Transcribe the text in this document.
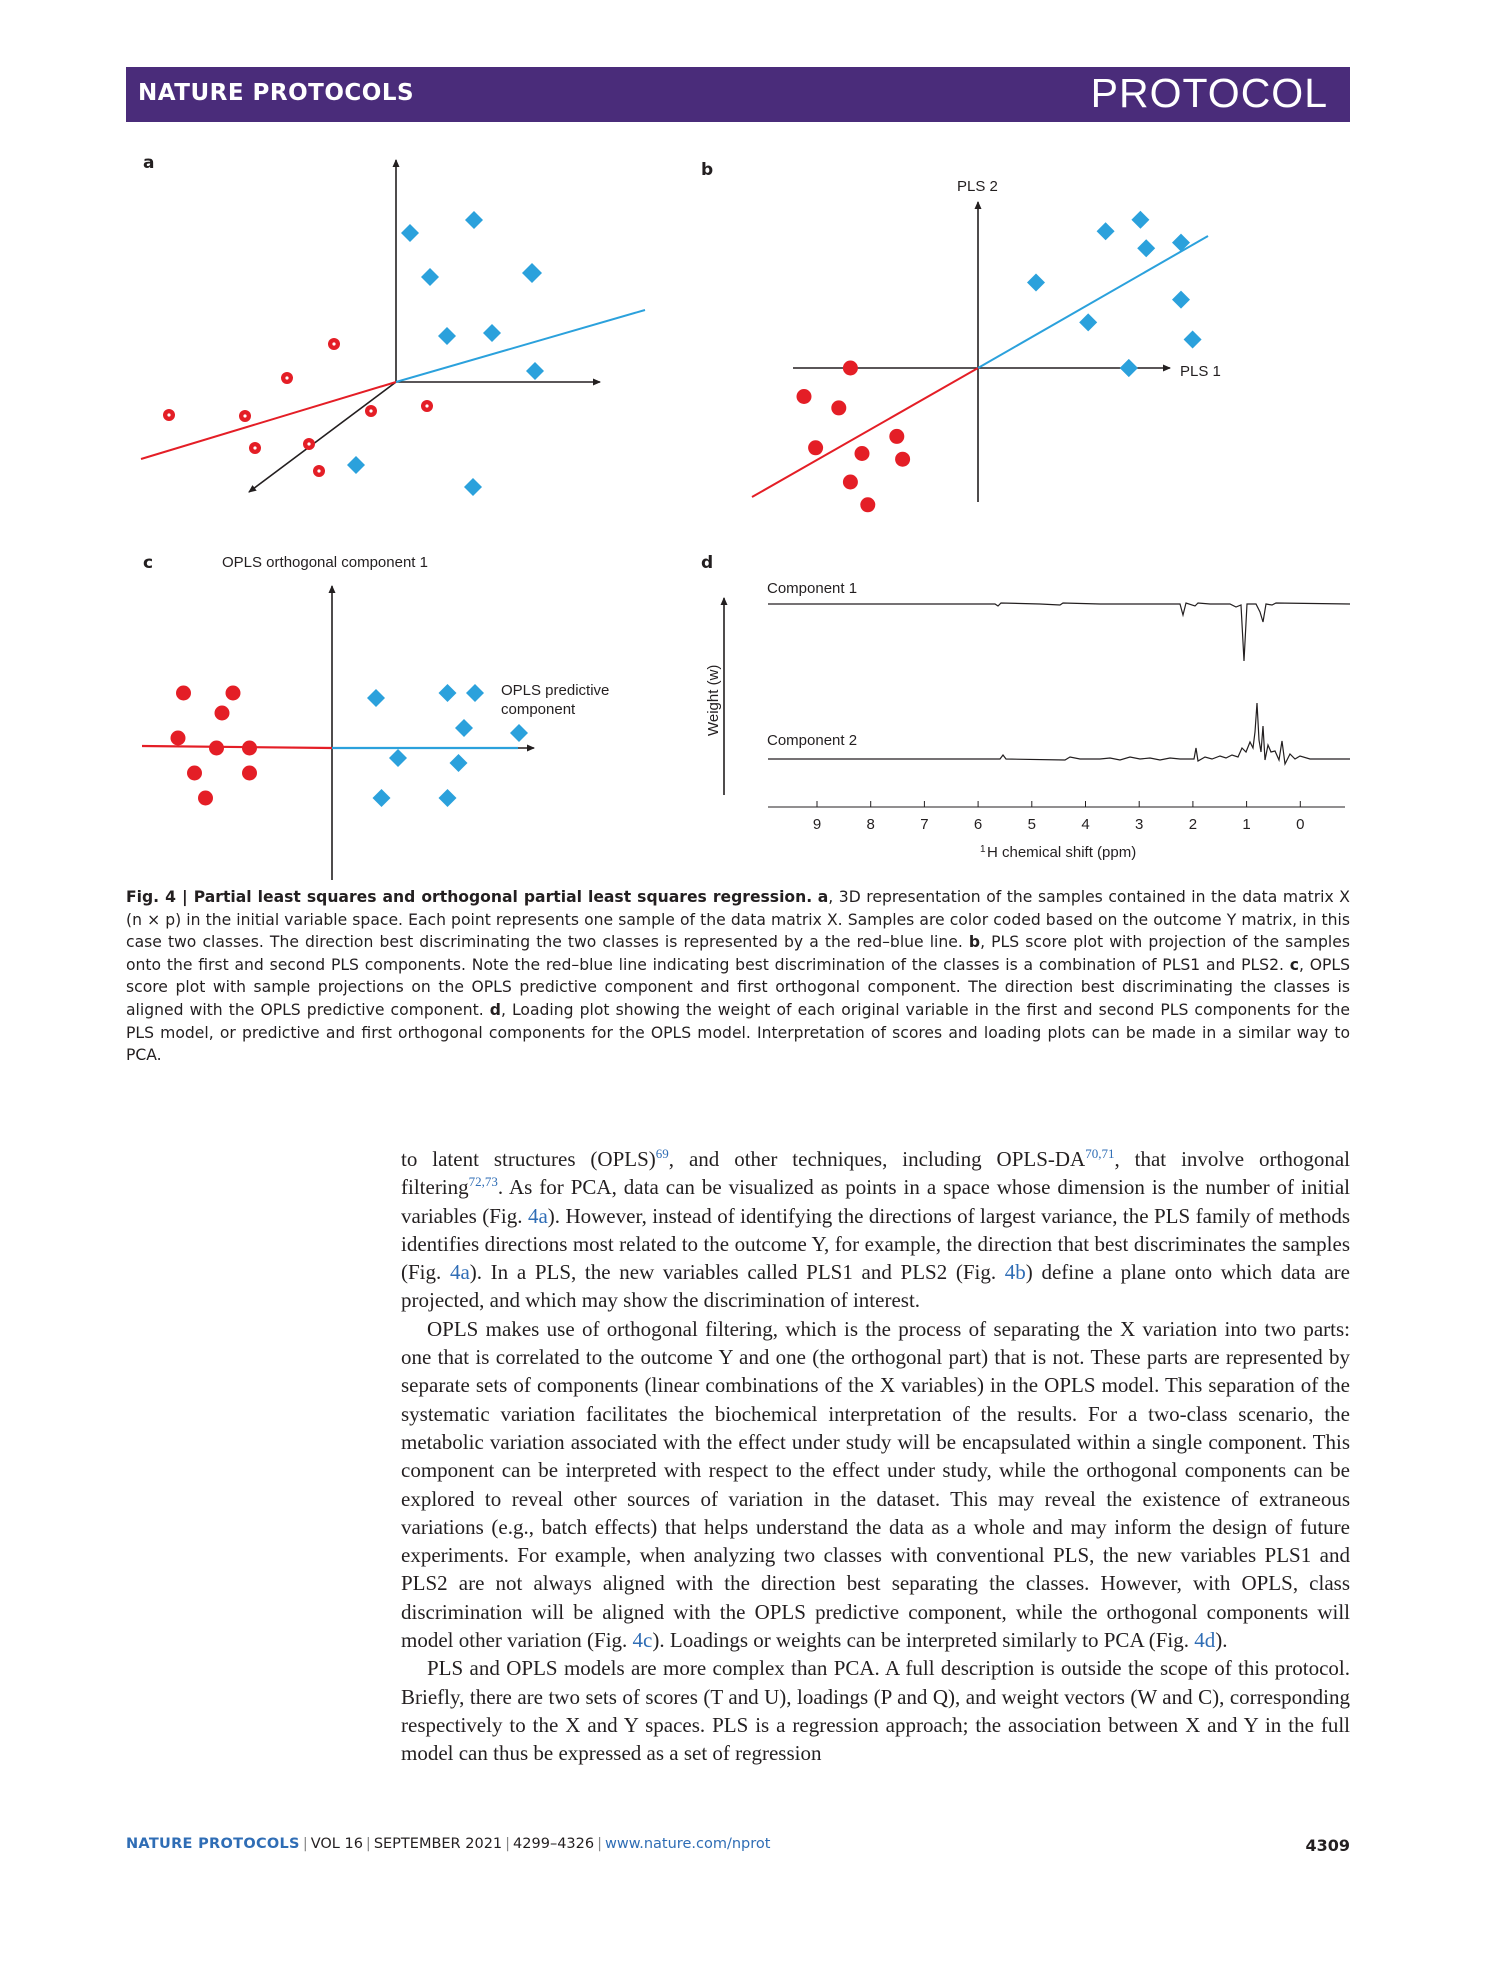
NATURE PROTOCOLS	PROTOCOL
a	b
PLS 2
PLS 1
c	OPLS orthogonal component 1
OPLS predictive
component
d
Weight (w)
Component 1
Component 2
9	8	7	6	5	4	3	2	1	0
1 H chemical shift (ppm)
Fig. 4 | Partial least squares and orthogonal partial least squares regression. a, 3D representation of the samples contained in the data matrix X (n × p) in the initial variable space. Each point represents one sample of the data matrix X. Samples are color coded based on the outcome Y matrix, in this case two classes. The direction best discriminating the two classes is represented by a the red–blue line. b, PLS score plot with projection of the samples onto the first and second PLS components. Note the red–blue line indicating best discrimination of the classes is a combination of PLS1 and PLS2. c, OPLS score plot with sample projections on the OPLS predictive component and first orthogonal component. The direction best discriminating the classes is aligned with the OPLS predictive component. d, Loading plot showing the weight of each original variable in the first and second PLS components for the PLS model, or predictive and first orthogonal components for the OPLS model. Interpretation of scores and loading plots can be made in a similar way to PCA.

to latent structures (OPLS)$^{69}$, and other techniques, including OPLS-DA$^{70,71}$, that involve orthogonal filtering$^{72,73}$. As for PCA, data can be visualized as points in a space whose dimension is the number of initial variables (Fig. 4a). However, instead of identifying the directions of largest variance, the PLS family of methods identifies directions most related to the outcome Y, for example, the direction that best discriminates the samples (Fig. 4a). In a PLS, the new variables called PLS1 and PLS2 (Fig. 4b) define a plane onto which data are projected, and which may show the discrimination of interest.

OPLS makes use of orthogonal filtering, which is the process of separating the X variation into two parts: one that is correlated to the outcome Y and one (the orthogonal part) that is not. These parts are represented by separate sets of components (linear combinations of the X variables) in the OPLS model. This separation of the systematic variation facilitates the biochemical interpretation of the results. For a two-class scenario, the metabolic variation associated with the effect under study will be encapsulated within a single component. This component can be interpreted with respect to the effect under study, while the orthogonal components can be explored to reveal other sources of variation in the dataset. This may reveal the existence of extraneous variations (e.g., batch effects) that helps understand the data as a whole and may inform the design of future experiments. For example, when analyzing two classes with conventional PLS, the new variables PLS1 and PLS2 are not always aligned with the direction best separating the classes. However, with OPLS, class discrimination will be aligned with the OPLS predictive component, while the orthogonal components will model other variation (Fig. 4c). Loadings or weights can be interpreted similarly to PCA (Fig. 4d).

PLS and OPLS models are more complex than PCA. A full description is outside the scope of this protocol. Briefly, there are two sets of scores (T and U), loadings (P and Q), and weight vectors (W and C), corresponding respectively to the X and Y spaces. PLS is a regression approach; the association between X and Y in the full model can thus be expressed as a set of regression

NATURE PROTOCOLS | VOL 16 | SEPTEMBER 2021 | 4299–4326 | www.nature.com/nprot	4309
